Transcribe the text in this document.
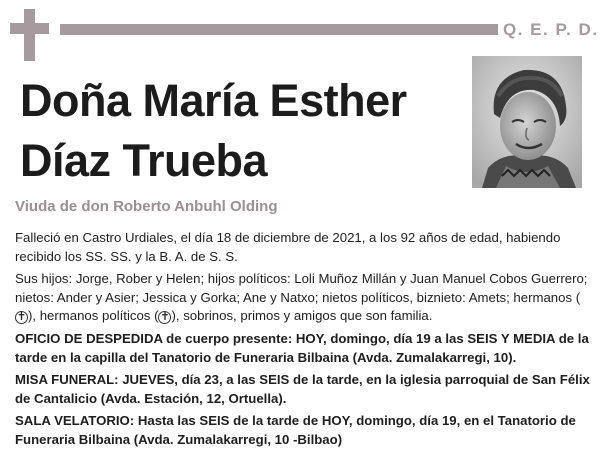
Q. E. P. D.
Doña María Esther
Díaz Trueba
Viuda de don Roberto Anbuhl Olding

Falleció en Castro Urdiales, el día 18 de diciembre de 2021, a los 92 años de edad, habiendo recibido los SS. SS. y la B. A. de S. S.

Sus hijos: Jorge, Rober y Helen; hijos políticos: Loli Muñoz Millán y Juan Manuel Cobos Guerrero; nietos: Ander y Asier; Jessica y Gorka; Ane y Natxo; nietos políticos, biznieto: Amets; hermanos (✝ ), hermanos políticos ( ✝ ), sobrinos, primos y amigos que son familia.

OFICIO DE DESPEDIDA de cuerpo presente: HOY, domingo, día 19 a las SEIS Y MEDIA de la tarde en la capilla del Tanatorio de Funeraria Bilbaina (Avda. Zumalakarregi, 10).

MISA FUNERAL: JUEVES, día 23, a las SEIS de la tarde, en la iglesia parroquial de San Félix de Cantalicio (Avda. Estación, 12, Ortuella).

SALA VELATORIO: Hasta las SEIS de la tarde de HOY, domingo, día 19, en el Tanatorio de Funeraria Bilbaina (Avda. Zumalakarregi, 10 -Bilbao)
